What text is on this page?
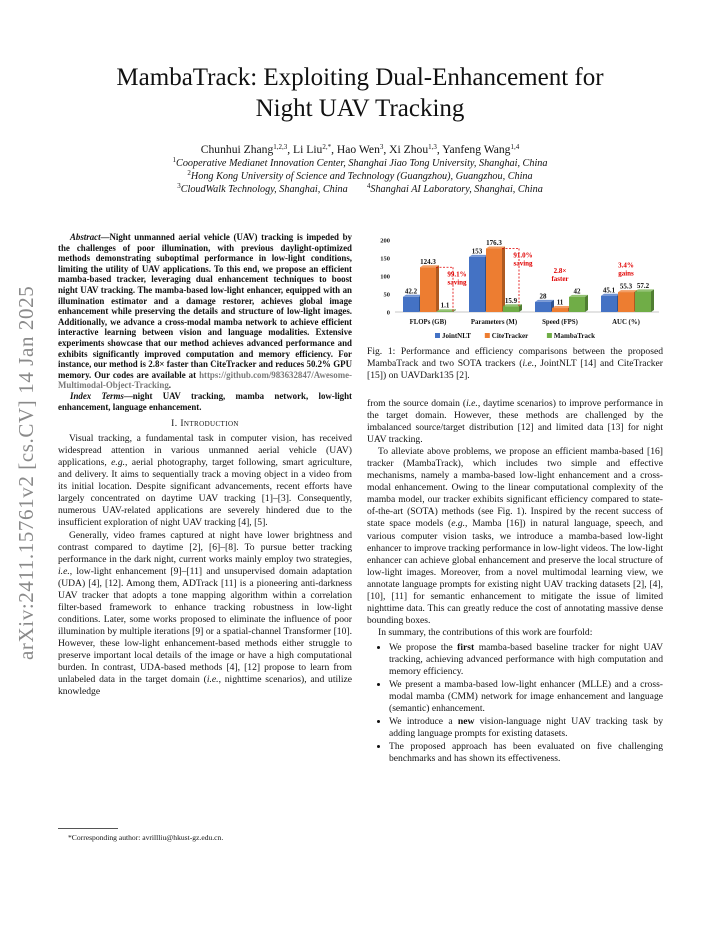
arXiv:2411.15761v2 [cs.CV] 14 Jan 2025
MambaTrack: Exploiting Dual-Enhancement for
Night UAV Tracking
Chunhui Zhang$^{1,2,3}$, Li Liu$^{2,*}$, Hao Wen$^3$, Xi Zhou$^{1,3}$, Yanfeng Wang$^{1,4}$
$^1$Cooperative Medianet Innovation Center, Shanghai Jiao Tong University, Shanghai, China
$^2$Hong Kong University of Science and Technology (Guangzhou), Guangzhou, China
$^3$CloudWalk Technology, Shanghai, China	$^4$Shanghai AI Laboratory, Shanghai, China

Abstract—Night unmanned aerial vehicle (UAV) tracking is impeded by the challenges of poor illumination, with previous daylight-optimized methods demonstrating suboptimal performance in low-light conditions, limiting the utility of UAV applications. To this end, we propose an efficient mamba-based tracker, leveraging dual enhancement techniques to boost night UAV tracking. The mamba-based low-light enhancer, equipped with an illumination estimator and a damage restorer, achieves global image enhancement while preserving the details and structure of low-light images. Additionally, we advance a cross-modal mamba network to achieve efficient interactive learning between vision and language modalities. Extensive experiments showcase that our method achieves advanced performance and exhibits significantly improved computation and memory efficiency. For instance, our method is 2.8× faster than CiteTracker and reduces 50.2% GPU memory. Our codes are available at https://github.com/983632847/Awesome-Multimodal-Object-Tracking.

Index Terms—night UAV tracking, mamba network, low-light enhancement, language enhancement.

I. Introduction

Visual tracking, a fundamental task in computer vision, has received widespread attention in various unmanned aerial vehicle (UAV) applications, e.g., aerial photography, target following, smart agriculture, and delivery. It aims to sequentially track a moving object in a video from its initial location. Despite significant advancements, recent efforts have largely concentrated on daytime UAV tracking [1]–[3]. Consequently, numerous UAV-related applications are severely hindered due to the insufficient exploration of night UAV tracking [4], [5].

Generally, video frames captured at night have lower brightness and contrast compared to daytime [2], [6]–[8]. To pursue better tracking performance in the dark night, current works mainly employ two strategies, i.e., low-light enhancement [9]–[11] and unsupervised domain adaptation (UDA) [4], [12]. Among them, ADTrack [11] is a pioneering anti-darkness UAV tracker that adopts a tone mapping algorithm within a correlation filter-based framework to enhance tracking robustness in low-light conditions. Later, some works proposed to eliminate the influence of poor illumination by multiple iterations [9] or a spatial-channel Transformer [10]. However, these low-light enhancement-based methods either struggle to preserve important local details of the image or have a high computational burden. In contrast, UDA-based methods [4], [12] propose to learn from unlabeled data in the target domain (i.e., nighttime scenarios), and utilize knowledge

*Corresponding author: avrillliu@hkust-gz.edu.cn.
0
50
100
150
200
42.2
124.3
1.1
FLOPs (GB)
99.1%
saving
153
176.3
15.9
Parameters (M)
91.0%
saving
28
11
42
Speed (FPS)
2.8×
faster
45.1 55.3 57.2
AUC (%)
3.4%
gains
JointNLT	CiteTracker	MambaTrack
Fig. 1: Performance and efficiency comparisons between the proposed MambaTrack and two SOTA trackers (i.e., JointNLT [14] and CiteTracker [15]) on UAVDark135 [2].

from the source domain (i.e., daytime scenarios) to improve performance in the target domain. However, these methods are challenged by the imbalanced source/target distribution [12] and limited data [13] for night UAV tracking.

To alleviate above problems, we propose an efficient mamba-based [16] tracker (MambaTrack), which includes two simple and effective mechanisms, namely a mamba-based low-light enhancement and a cross-modal enhancement. Owing to the linear computational complexity of the mamba model, our tracker exhibits significant efficiency compared to state-of-the-art (SOTA) methods (see Fig. 1). Inspired by the recent success of state space models (e.g., Mamba [16]) in natural language, speech, and various computer vision tasks, we introduce a mamba-based low-light enhancer to improve tracking performance in low-light videos. The low-light enhancer can achieve global enhancement and preserve the local structure of low-light images. Moreover, from a novel multimodal learning view, we annotate language prompts for existing night UAV tracking datasets [2], [4], [10], [11] for semantic enhancement to mitigate the issue of limited nighttime data. This can greatly reduce the cost of annotating massive dense bounding boxes.

In summary, the contributions of this work are fourfold:

• We propose the first mamba-based baseline tracker for night UAV tracking, achieving advanced performance with high computation and memory efficiency.
• We present a mamba-based low-light enhancer (MLLE) and a cross-modal mamba (CMM) network for image enhancement and language (semantic) enhancement.
• We introduce a new vision-language night UAV tracking task by adding language prompts for existing datasets.
• The proposed approach has been evaluated on five challenging benchmarks and has shown its effectiveness.
